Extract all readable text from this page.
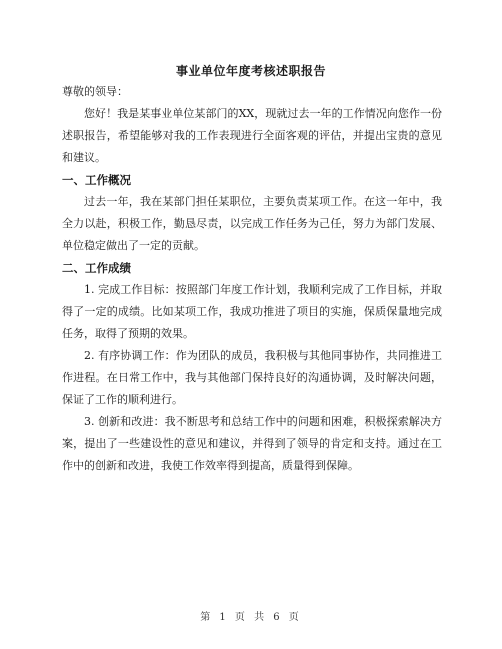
事业单位年度考核述职报告
尊敬的领导：
您好！我是某事业单位某部门的XX，现就过去一年的工作情况向您作一份述职报告，希望能够对我的工作表现进行全面客观的评估，并提出宝贵的意见和建议。
一、工作概况
过去一年，我在某部门担任某职位，主要负责某项工作。在这一年中，我全力以赴，积极工作，勤恳尽责，以完成工作任务为己任，努力为部门发展、单位稳定做出了一定的贡献。
二、工作成绩
1. 完成工作目标：按照部门年度工作计划，我顺利完成了工作目标，并取得了一定的成绩。比如某项工作，我成功推进了项目的实施，保质保量地完成任务，取得了预期的效果。
2. 有序协调工作：作为团队的成员，我积极与其他同事协作，共同推进工作进程。在日常工作中，我与其他部门保持良好的沟通协调，及时解决问题，保证了工作的顺利进行。
3. 创新和改进：我不断思考和总结工作中的问题和困难，积极探索解决方案，提出了一些建设性的意见和建议，并得到了领导的肯定和支持。通过在工作中的创新和改进，我使工作效率得到提高，质量得到保障。
第 1 页 共 6 页
